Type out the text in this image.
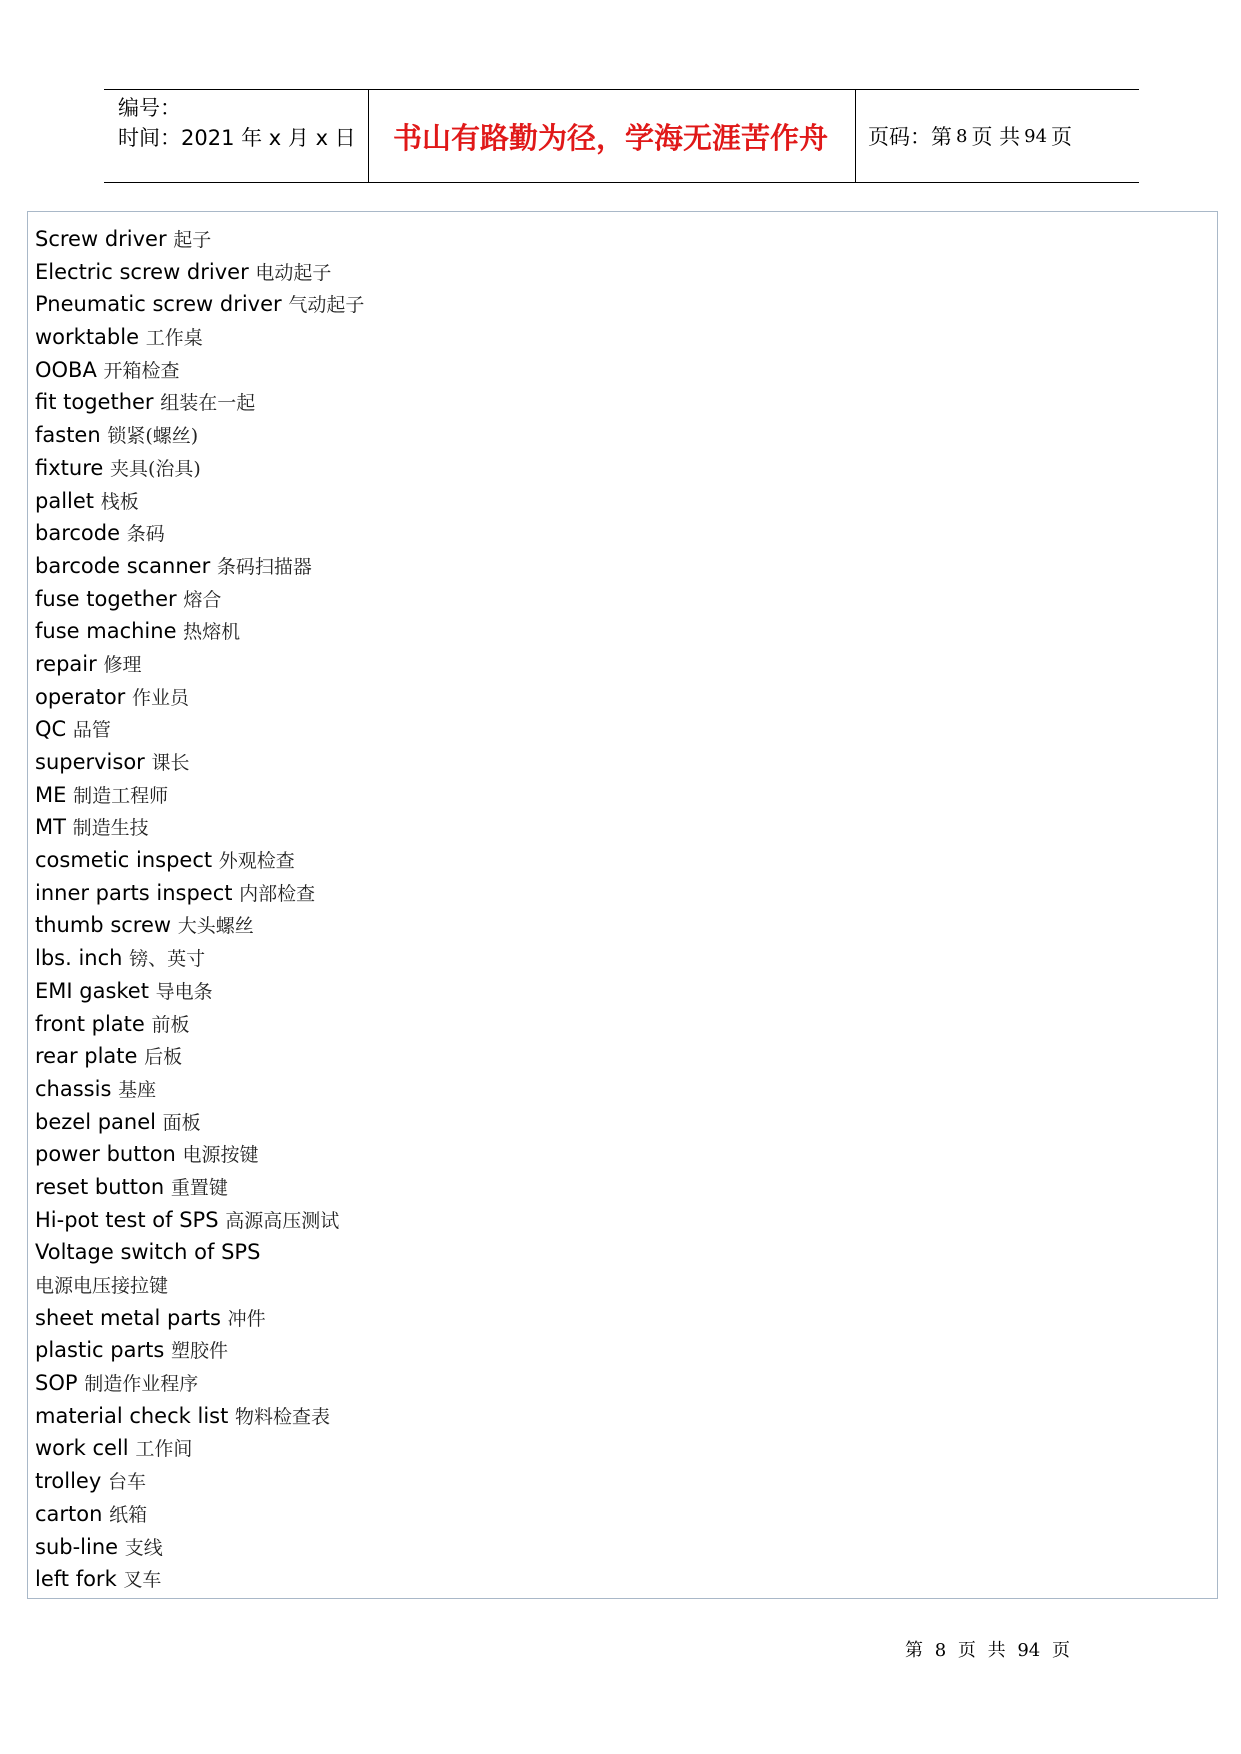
编号：
时间：2021 年 x 月 x 日	书山有路勤为径，学海无涯苦作舟 页码：第 8 页 共 94 页
Screw driver 起子
Electric screw driver 电动起子
Pneumatic screw driver 气动起子
worktable 工作桌
OOBA 开箱检查
fit together 组装在一起
fasten 锁紧(螺丝)
fixture 夹具(治具)
pallet 栈板
barcode 条码
barcode scanner 条码扫描器
fuse together 熔合
fuse machine 热熔机
repair 修理
operator 作业员
QC 品管
supervisor 课长
ME 制造工程师
MT 制造生技
cosmetic inspect 外观检查
inner parts inspect 内部检查
thumb screw 大头螺丝
lbs. inch 镑、英寸
EMI gasket 导电条
front plate 前板
rear plate 后板
chassis 基座
bezel panel 面板
power button 电源按键
reset button 重置键
Hi-pot test of SPS 高源高压测试
Voltage switch of SPS
电源电压接拉键
sheet metal parts 冲件
plastic parts 塑胶件
SOP 制造作业程序
material check list 物料检查表
work cell 工作间
trolley 台车
carton 纸箱
sub-line 支线
left fork 叉车
第 8 页 共 94 页
